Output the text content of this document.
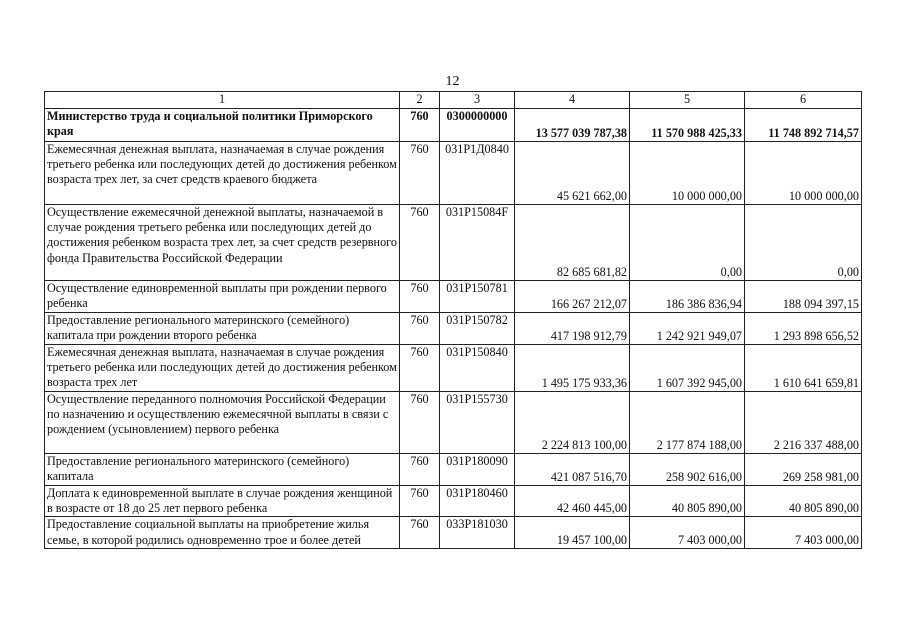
12
1	2	3	4	5	6
Министерство труда и социальной политики Приморского края	760	0300000000	13 577 039 787,38	11 570 988 425,33	11 748 892 714,57
Ежемесячная денежная выплата, назначаемая в случае рождения третьего ребенка или последующих детей до достижения ребенком возраста трех лет, за счет средств краевого бюджета	760	031Р1Д0840	45 621 662,00	10 000 000,00	10 000 000,00
Осуществление ежемесячной денежной выплаты, назначаемой в случае рождения третьего ребенка или последующих детей до достижения ребенком возраста трех лет, за счет средств резервного фонда Правительства Российской Федерации	760	031Р15084F	82 685 681,82	0,00	0,00
Осуществление единовременной выплаты при рождении первого ребенка	760	031Р150781	166 267 212,07	186 386 836,94	188 094 397,15
Предоставление регионального материнского (семейного) капитала при рождении второго ребенка	760	031Р150782	417 198 912,79	1 242 921 949,07	1 293 898 656,52
Ежемесячная денежная выплата, назначаемая в случае рождения третьего ребенка или последующих детей до достижения ребенком возраста трех лет	760	031Р150840	1 495 175 933,36	1 607 392 945,00	1 610 641 659,81
Осуществление переданного полномочия Российской Федерации по назначению и осуществлению ежемесячной выплаты в связи с рождением (усыновлением) первого ребенка	760	031Р155730	2 224 813 100,00	2 177 874 188,00	2 216 337 488,00
Предоставление регионального материнского (семейного) капитала	760	031Р180090	421 087 516,70	258 902 616,00	269 258 981,00
Доплата к единовременной выплате в случае рождения женщиной в возрасте от 18 до 25 лет первого ребенка	760	031Р180460	42 460 445,00	40 805 890,00	40 805 890,00
Предоставление социальной выплаты на приобретение жилья семье, в которой родились одновременно трое и более детей	760	033Р181030	19 457 100,00	7 403 000,00	7 403 000,00
